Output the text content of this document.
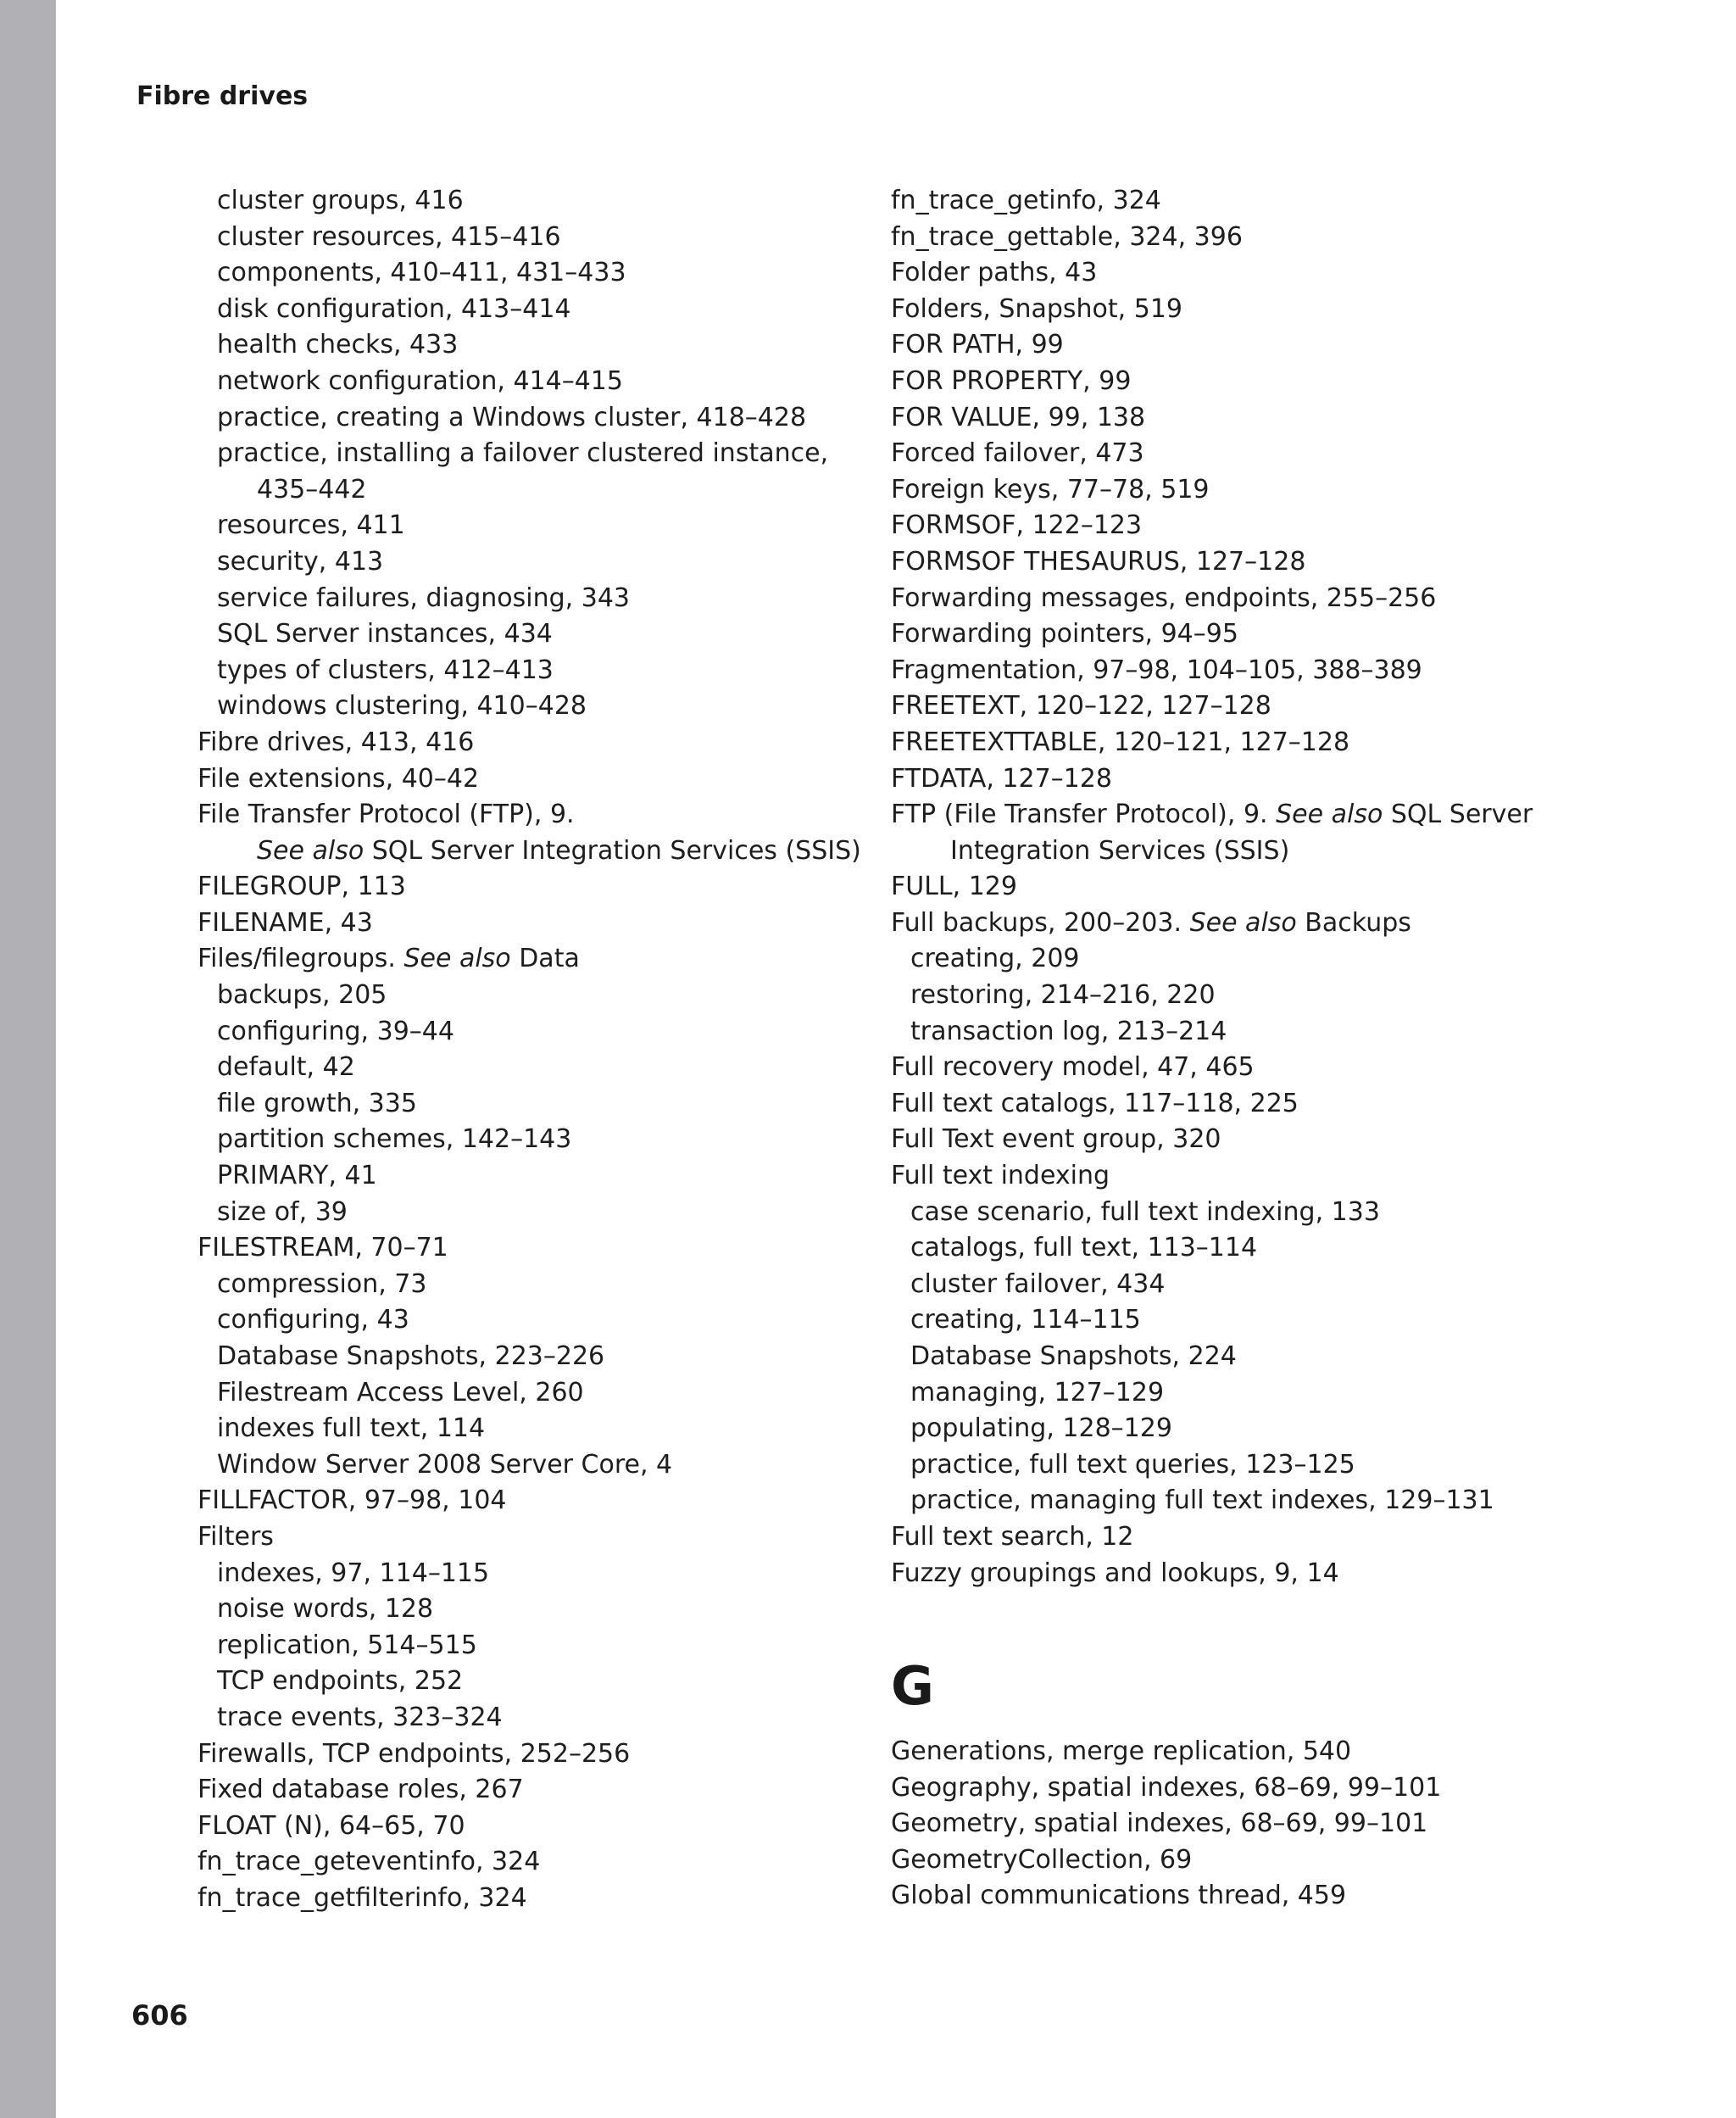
Fibre drives
cluster groups, 416
cluster resources, 415–416
components, 410–411, 431–433
disk configuration, 413–414
health checks, 433
network configuration, 414–415
practice, creating a Windows cluster, 418–428
practice, installing a failover clustered instance,
435–442
resources, 411
security, 413
service failures, diagnosing, 343
SQL Server instances, 434
types of clusters, 412–413
windows clustering, 410–428
Fibre drives, 413, 416
File extensions, 40–42
File Transfer Protocol (FTP), 9.
See also SQL Server Integration Services (SSIS)
FILEGROUP, 113
FILENAME, 43
Files/filegroups. See also Data
backups, 205
configuring, 39–44
default, 42
file growth, 335
partition schemes, 142–143
PRIMARY, 41
size of, 39
FILESTREAM, 70–71
compression, 73
configuring, 43
Database Snapshots, 223–226
Filestream Access Level, 260
indexes full text, 114
Window Server 2008 Server Core, 4
FILLFACTOR, 97–98, 104
Filters
indexes, 97, 114–115
noise words, 128
replication, 514–515
TCP endpoints, 252
trace events, 323–324
Firewalls, TCP endpoints, 252–256
Fixed database roles, 267
FLOAT (N), 64–65, 70
fn_trace_geteventinfo, 324
fn_trace_getfilterinfo, 324
fn_trace_getinfo, 324
fn_trace_gettable, 324, 396
Folder paths, 43
Folders, Snapshot, 519
FOR PATH, 99
FOR PROPERTY, 99
FOR VALUE, 99, 138
Forced failover, 473
Foreign keys, 77–78, 519
FORMSOF, 122–123
FORMSOF THESAURUS, 127–128
Forwarding messages, endpoints, 255–256
Forwarding pointers, 94–95
Fragmentation, 97–98, 104–105, 388–389
FREETEXT, 120–122, 127–128
FREETEXTTABLE, 120–121, 127–128
FTDATA, 127–128
FTP (File Transfer Protocol), 9. See also SQL Server
Integration Services (SSIS)
FULL, 129
Full backups, 200–203. See also Backups
creating, 209
restoring, 214–216, 220
transaction log, 213–214
Full recovery model, 47, 465
Full text catalogs, 117–118, 225
Full Text event group, 320
Full text indexing
case scenario, full text indexing, 133
catalogs, full text, 113–114
cluster failover, 434
creating, 114–115
Database Snapshots, 224
managing, 127–129
populating, 128–129
practice, full text queries, 123–125
practice, managing full text indexes, 129–131
Full text search, 12
Fuzzy groupings and lookups, 9, 14
G
Generations, merge replication, 540
Geography, spatial indexes, 68–69, 99–101
Geometry, spatial indexes, 68–69, 99–101
GeometryCollection, 69
Global communications thread, 459
606
